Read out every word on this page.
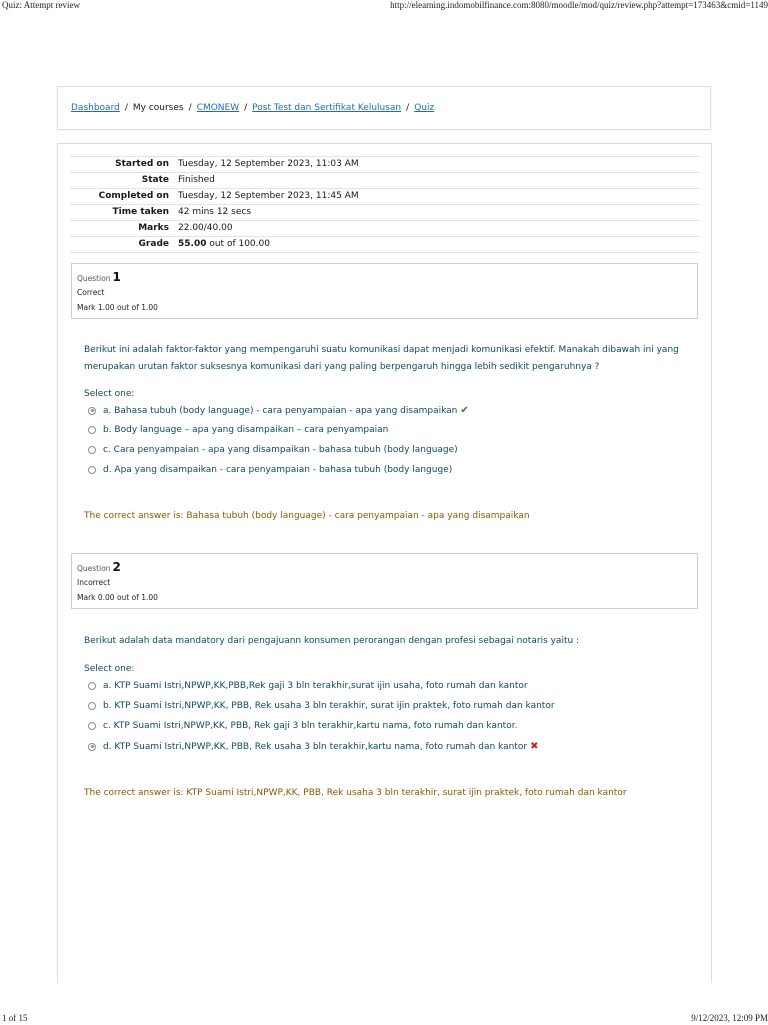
Quiz: Attempt review	http://elearning.indomobilfinance.com:8080/moodle/mod/quiz/review.php?attempt=173463&cmid=1149
Dashboard / My courses / CMONEW / Post Test dan Sertifikat Kelulusan / Quiz
Started on	Tuesday, 12 September 2023, 11:03 AM
State	Finished
Completed on	Tuesday, 12 September 2023, 11:45 AM
Time taken	42 mins 12 secs
Marks	22.00/40.00
Grade	55.00 out of 100.00
Question 1
Correct
Mark 1.00 out of 1.00
Berikut ini adalah faktor-faktor yang mempengaruhi suatu komunikasi dapat menjadi komunikasi efektif. Manakah dibawah ini yang merupakan urutan faktor suksesnya komunikasi dari yang paling berpengaruh hingga lebih sedikit pengaruhnya ?
Select one:
a. Bahasa tubuh (body language) - cara penyampaian - apa yang disampaikan ✔
b. Body language – apa yang disampaikan – cara penyampaian
c. Cara penyampaian - apa yang disampaikan - bahasa tubuh (body language)
d. Apa yang disampaikan - cara penyampaian - bahasa tubuh (body languge)
The correct answer is: Bahasa tubuh (body language) - cara penyampaian - apa yang disampaikan
Question 2
Incorrect
Mark 0.00 out of 1.00
Berikut adalah data mandatory dari pengajuann konsumen perorangan dengan profesi sebagai notaris yaitu :
Select one:
a. KTP Suami Istri,NPWP,KK,PBB,Rek gaji 3 bln terakhir,surat ijin usaha, foto rumah dan kantor
b. KTP Suami Istri,NPWP,KK, PBB, Rek usaha 3 bln terakhir, surat ijin praktek, foto rumah dan kantor
c. KTP Suami Istri,NPWP,KK, PBB, Rek gaji 3 bln terakhir,kartu nama, foto rumah dan kantor.
d. KTP Suami Istri,NPWP,KK, PBB, Rek usaha 3 bln terakhir,kartu nama, foto rumah dan kantor ✖
The correct answer is: KTP Suami Istri,NPWP,KK, PBB, Rek usaha 3 bln terakhir, surat ijin praktek, foto rumah dan kantor
1 of 15	9/12/2023, 12:09 PM
